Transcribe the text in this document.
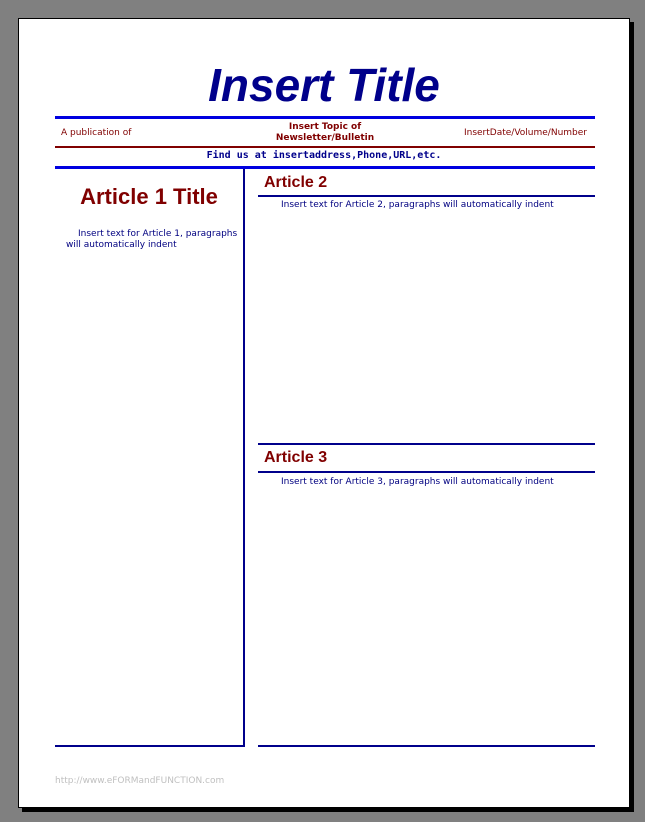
Insert Title
A publication of
Insert Topic of
Newsletter/Bulletin	InsertDate/Volume/Number
Find us at insertaddress,Phone,URL,etc.
Article 1 Title
Insert text for Article 1, paragraphs will automatically indent
Article 2
Insert text for Article 2, paragraphs will automatically indent
Article 3
Insert text for Article 3, paragraphs will automatically indent
http://www.eFORMandFUNCTION.com
